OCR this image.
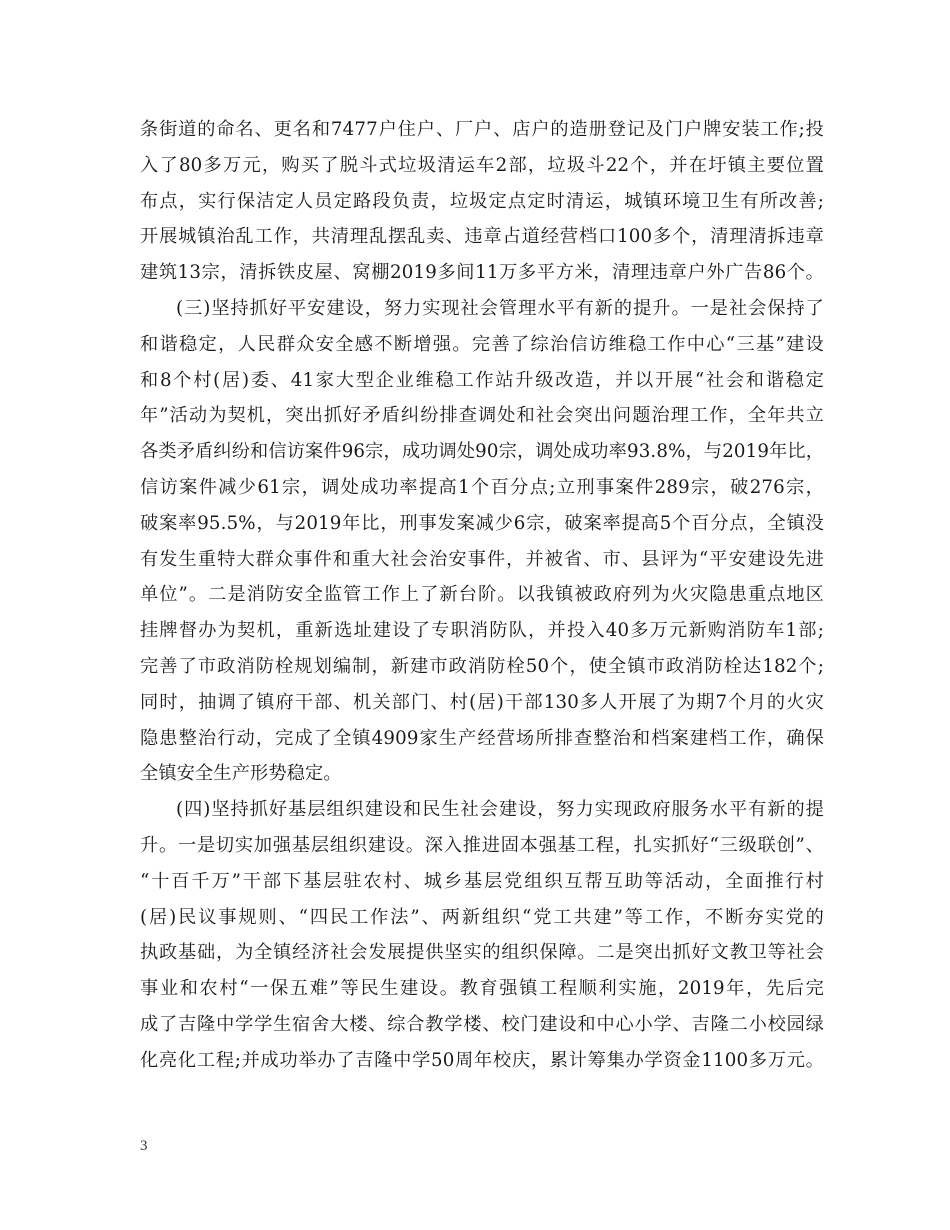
条街道的命名、更名和7477户住户、厂户、店户的造册登记及门户牌安装工作;投
入了80多万元，购买了脱斗式垃圾清运车2部，垃圾斗22个，并在圩镇主要位置
布点，实行保洁定人员定路段负责，垃圾定点定时清运，城镇环境卫生有所改善;
开展城镇治乱工作，共清理乱摆乱卖、违章占道经营档口100多个，清理清拆违章
建筑13宗，清拆铁皮屋、窝棚2019多间11万多平方米，清理违章户外广告86个。
(三)坚持抓好平安建设，努力实现社会管理水平有新的提升。一是社会保持了
和谐稳定，人民群众安全感不断增强。完善了综治信访维稳工作中心“三基”建设
和8个村(居)委、41家大型企业维稳工作站升级改造，并以开展“社会和谐稳定
年”活动为契机，突出抓好矛盾纠纷排查调处和社会突出问题治理工作，全年共立
各类矛盾纠纷和信访案件96宗，成功调处90宗，调处成功率93.8%，与2019年比，
信访案件减少61宗，调处成功率提高1个百分点;立刑事案件289宗，破276宗，
破案率95.5%，与2019年比，刑事发案减少6宗，破案率提高5个百分点，全镇没
有发生重特大群众事件和重大社会治安事件，并被省、市、县评为“平安建设先进
单位”。二是消防安全监管工作上了新台阶。以我镇被政府列为火灾隐患重点地区
挂牌督办为契机，重新选址建设了专职消防队，并投入40多万元新购消防车1部;
完善了市政消防栓规划编制，新建市政消防栓50个，使全镇市政消防栓达182个;
同时，抽调了镇府干部、机关部门、村(居)干部130多人开展了为期7个月的火灾
隐患整治行动，完成了全镇4909家生产经营场所排查整治和档案建档工作，确保
全镇安全生产形势稳定。
(四)坚持抓好基层组织建设和民生社会建设，努力实现政府服务水平有新的提
升。一是切实加强基层组织建设。深入推进固本强基工程，扎实抓好“三级联创”、
“十百千万”干部下基层驻农村、城乡基层党组织互帮互助等活动，全面推行村
(居)民议事规则、“四民工作法”、两新组织“党工共建”等工作，不断夯实党的
执政基础，为全镇经济社会发展提供坚实的组织保障。二是突出抓好文教卫等社会
事业和农村“一保五难”等民生建设。教育强镇工程顺利实施，2019年，先后完
成了吉隆中学学生宿舍大楼、综合教学楼、校门建设和中心小学、吉隆二小校园绿
化亮化工程;并成功举办了吉隆中学50周年校庆，累计筹集办学资金1100多万元。
3
